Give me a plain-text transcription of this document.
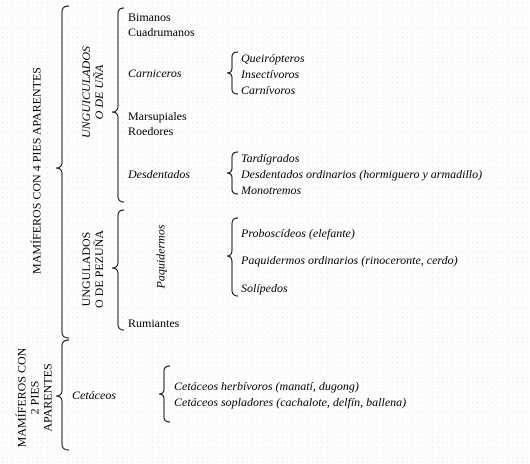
MAMÍFEROS CON 4 PIES APARENTES	UNGUICULADOS O DE UÑA
UNGULADOS O DE PEZUÑA	Paquidermos
MAMÍFEROS CON 2 PIES APARENTES

Bimanos

Cuadrumanos

Carniceros

Marsupiales

Roedores

Desdentados

Queirópteros

Insectívoros

Carnívoros

Tardígrados

Desdentados ordinarios (hormiguero y armadillo)

Monotremos

Proboscídeos (elefante)

Paquidermos ordinarios (rinoceronte, cerdo)

Solípedos

Rumiantes

Cetáceos

Cetáceos herbívoros (manatí, dugong)

Cetáceos sopladores (cachalote, delfín, ballena)
